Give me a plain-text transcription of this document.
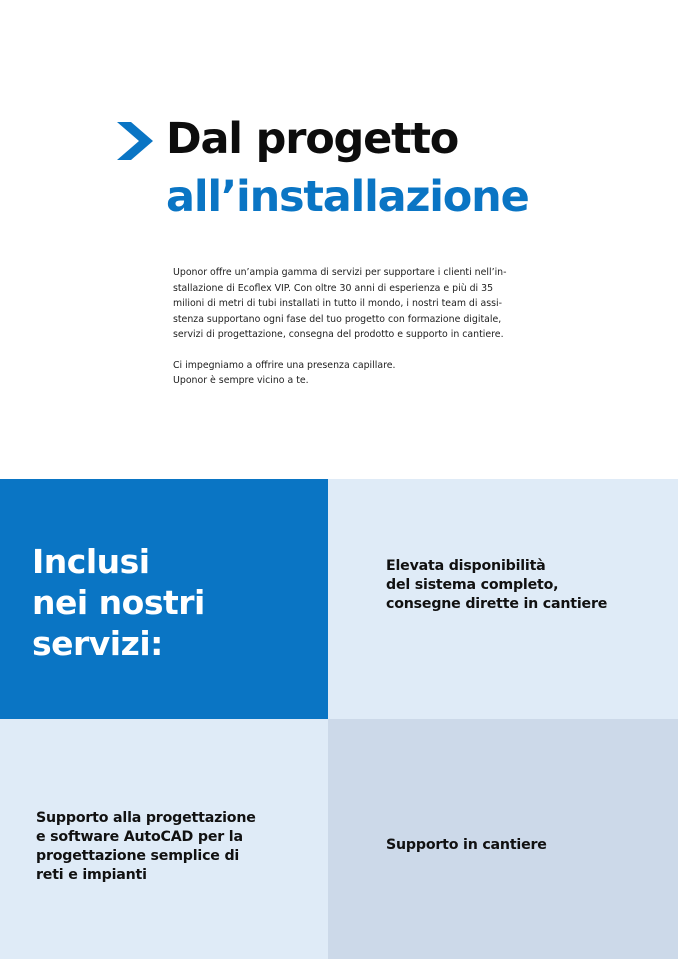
Dal progetto
all’installazione

Uponor offre un’ampia gamma di servizi per supportare i clienti nell’in-
stallazione di Ecoflex VIP. Con oltre 30 anni di esperienza e più di 35
milioni di metri di tubi installati in tutto il mondo, i nostri team di assi-
stenza supportano ogni fase del tuo progetto con formazione digitale,
servizi di progettazione, consegna del prodotto e supporto in cantiere.

Ci impegniamo a offrire una presenza capillare.
Uponor è sempre vicino a te.

Inclusi
nei nostri
servizi:

Elevata disponibilità
del sistema completo,
consegne dirette in cantiere

Supporto alla progettazione
e software AutoCAD per la
progettazione semplice di
reti e impianti

Supporto in cantiere
